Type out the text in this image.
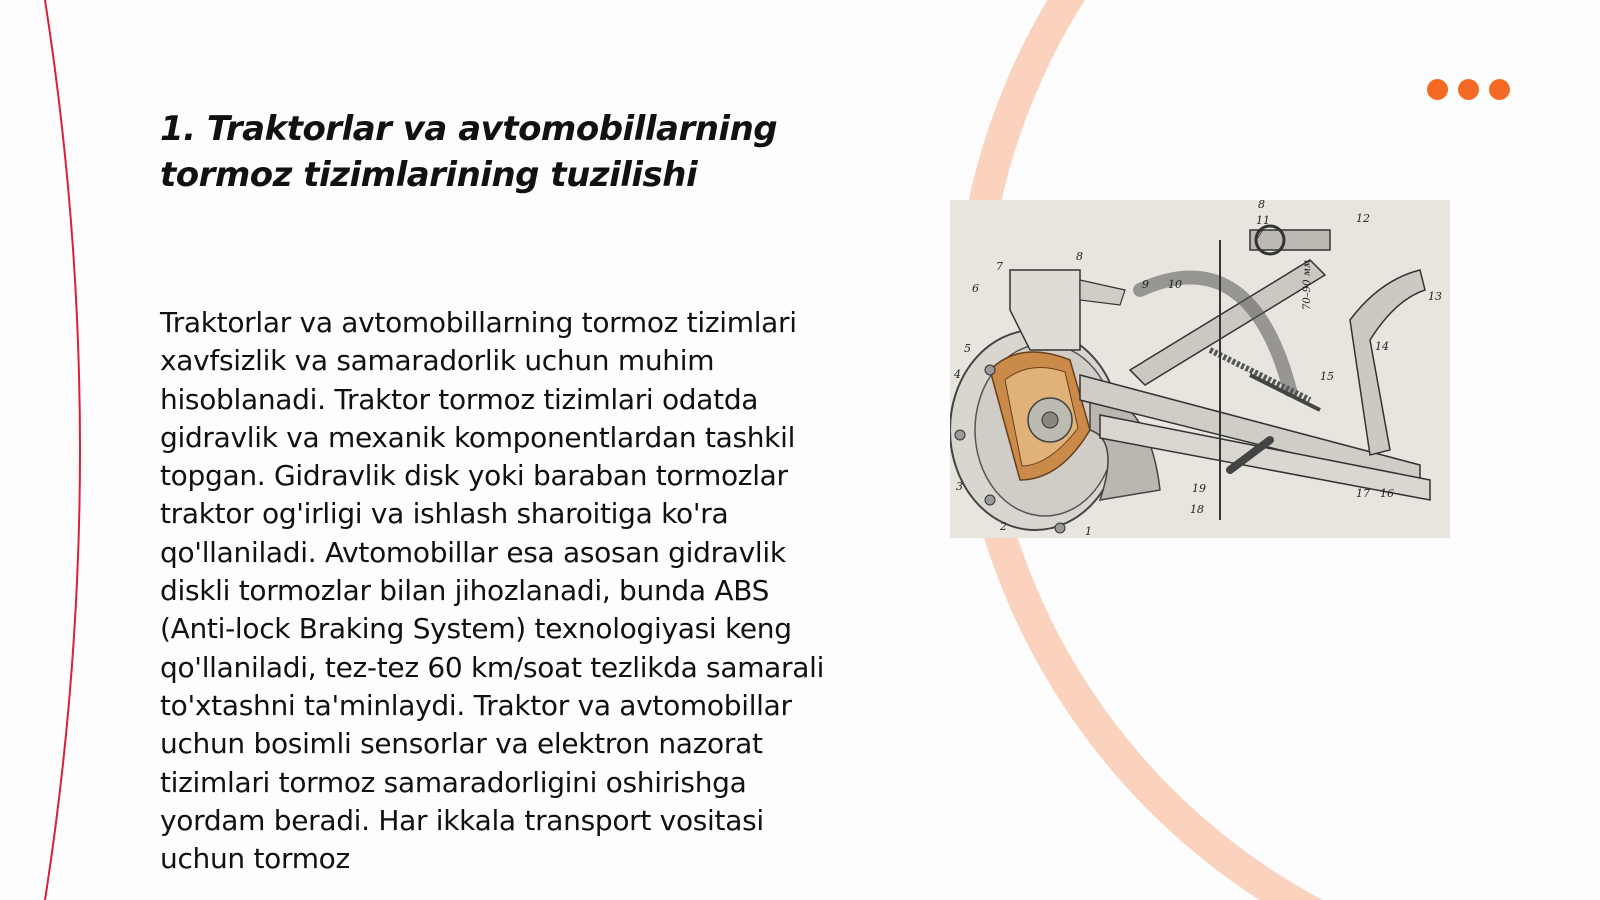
1. Traktorlar va avtomobillarning
tormoz tizimlarining tuzilishi

Traktorlar va avtomobillarning tormoz tizimlari xavfsizlik va samaradorlik uchun muhim hisoblanadi. Traktor tormoz tizimlari odatda gidravlik va mexanik komponentlardan tashkil topgan. Gidravlik disk yoki baraban tormozlar traktor og'irligi va ishlash sharoitiga ko'ra qo'llaniladi. Avtomobillar esa asosan gidravlik diskli tormozlar bilan jihozlanadi, bunda ABS (Anti-lock Braking System) texnologiyasi keng qo'llaniladi, tez-tez 60 km/soat tezlikda samarali to'xtashni ta'minlaydi. Traktor va avtomobillar uchun bosimli sensorlar va elektron nazorat tizimlari tormoz samaradorligini oshirishga yordam beradi. Har ikkala transport vositasi uchun tormoz

1
2
3
4
5
6
7
8
9 10
11	12
13
14
15
16
17
18
19
8
7
70–90 мм
